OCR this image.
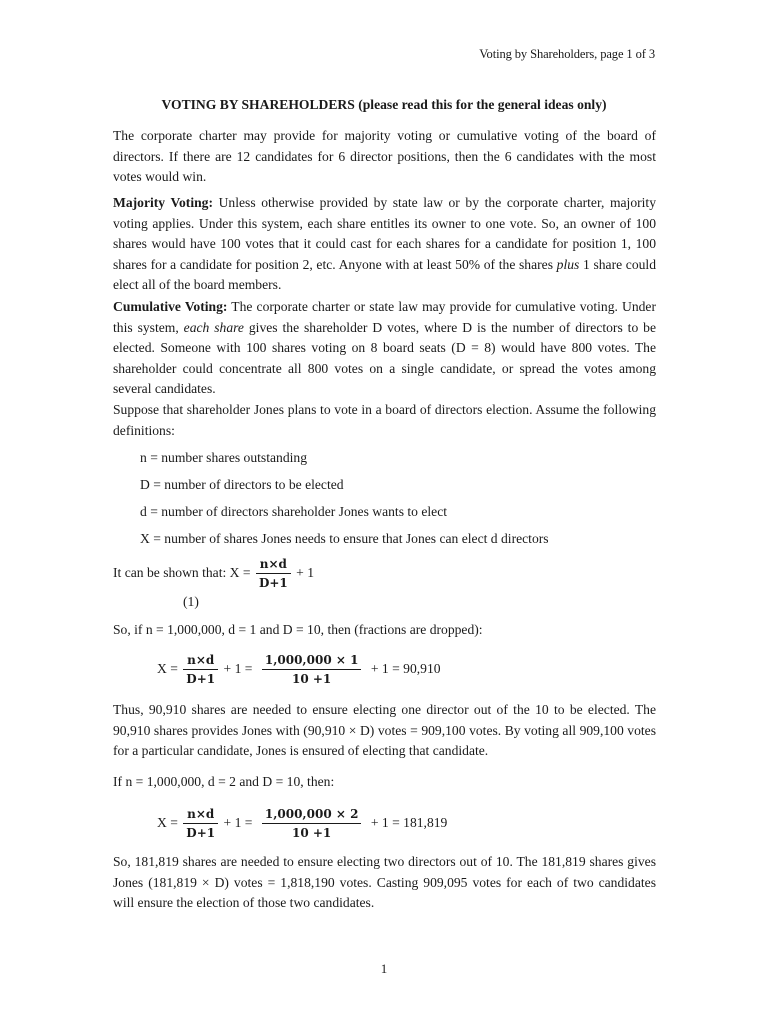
Voting by Shareholders, page 1 of 3
VOTING BY SHAREHOLDERS (please read this for the general ideas only)

The corporate charter may provide for majority voting or cumulative voting of the board of directors. If there are 12 candidates for 6 director positions, then the 6 candidates with the most votes would win.

Majority Voting: Unless otherwise provided by state law or by the corporate charter, majority voting applies. Under this system, each share entitles its owner to one vote. So, an owner of 100 shares would have 100 votes that it could cast for each shares for a candidate for position 1, 100 shares for a candidate for position 2, etc. Anyone with at least 50% of the shares plus 1 share could elect all of the board members.

Cumulative Voting: The corporate charter or state law may provide for cumulative voting. Under this system, each share gives the shareholder D votes, where D is the number of directors to be elected. Someone with 100 shares voting on 8 board seats (D = 8) would have 800 votes. The shareholder could concentrate all 800 votes on a single candidate, or spread the votes among several candidates.

Suppose that shareholder Jones plans to vote in a board of directors election. Assume the following definitions:

n = number shares outstanding
D = number of directors to be elected
d = number of directors shareholder Jones wants to elect
X = number of shares Jones needs to ensure that Jones can elect d directors
It can be shown that: $X = \frac{n\times d}{D+1} + 1$
(1)

So, if n = 1,000,000, d = 1 and D = 10, then (fractions are dropped):

$X = \frac{n\times d}{D+1} + 1 = \frac{1,000,000 \times 1}{10 +1} + 1 = 90,910$

Thus, 90,910 shares are needed to ensure electing one director out of the 10 to be elected. The 90,910 shares provides Jones with (90,910 × D) votes = 909,100 votes. By voting all 909,100 votes for a particular candidate, Jones is ensured of electing that candidate.

If n = 1,000,000, d = 2 and D = 10, then:

$X = \frac{n\times d}{D+1} + 1 = \frac{1,000,000 \times 2}{10 +1} + 1 = 181,819$

So, 181,819 shares are needed to ensure electing two directors out of 10. The 181,819 shares gives Jones (181,819 × D) votes = 1,818,190 votes. Casting 909,095 votes for each of two candidates will ensure the election of those two candidates.

1
